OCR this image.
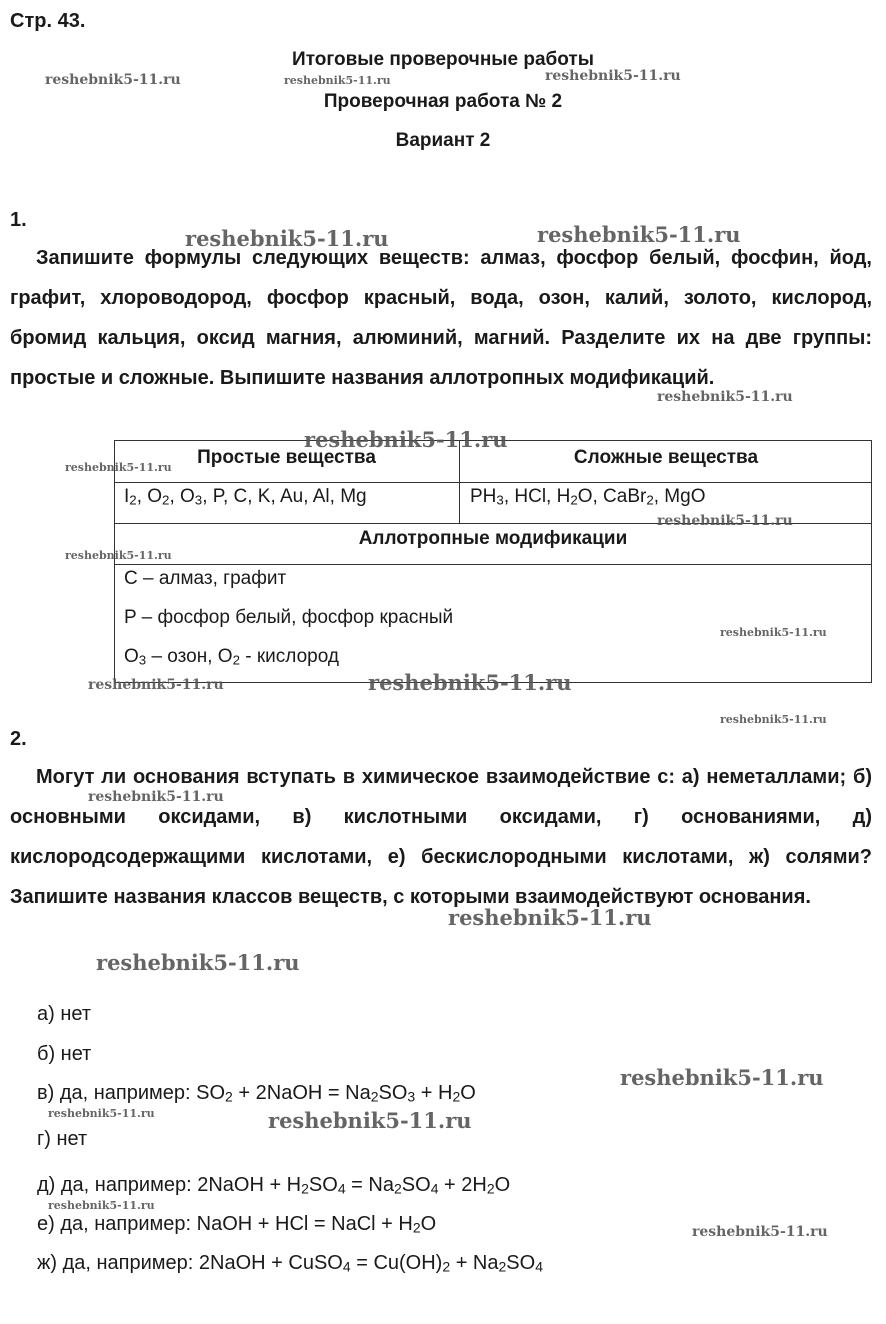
Стр. 43.
Итоговые проверочные работы
Проверочная работа № 2
Вариант 2
1.
Запишите формулы следующих веществ: алмаз, фосфор белый, фосфин, йод, графит, хлороводород, фосфор красный, вода, озон, калий, золото, кислород, бромид кальция, оксид магния, алюминий, магний. Разделите их на две группы: простые и сложные. Выпишите названия аллотропных модификаций.
Простые вещества	Сложные вещества
$I_2$, $O_2$, $O_3$, P, C, K, Au, Al, Mg	$PH_3$, HCl, $H_2O$, CaBr$_2$, MgO
Аллотропные модификации
C – алмаз, графит
P – фосфор белый, фосфор красный
$O_3$ – озон, $O_2$ - кислород
2.
Могут ли основания вступать в химическое взаимодействие с: а) неметаллами; б) основными оксидами, в) кислотными оксидами, г) основаниями, д) кислородсодержащими кислотами, е) бескислородными кислотами, ж) солями? Запишите названия классов веществ, с которыми взаимодействуют основания.
а) нет
б) нет
в) да, например: $SO_2$ + 2NaOH = $Na_2SO_3 + H_2O$
г) нет
д) да, например: 2NaOH + $H_2SO_4 = Na_2SO_4 + 2H_2O$
е) да, например: NaOH + HCl = NaCl + $H_2O$
ж) да, например: 2NaOH + CuSO$_4$ = $Cu(OH)_2 + Na_2SO_4$
reshebnik5-11.ru	reshebnik5-11.ru	reshebnik5-11.ru
reshebnik5-11.ru	reshebnik5-11.ru
reshebnik5-11.ru
reshebnik5-11.ru
reshebnik5-11.ru
reshebnik5-11.ru
reshebnik5-11.ru
reshebnik5-11.ru
reshebnik5-11.ru	reshebnik5-11.ru
reshebnik5-11.ru
reshebnik5-11.ru
reshebnik5-11.ru
reshebnik5-11.ru
reshebnik5-11.ru
reshebnik5-11.ru	reshebnik5-11.ru
reshebnik5-11.ru
reshebnik5-11.ru
